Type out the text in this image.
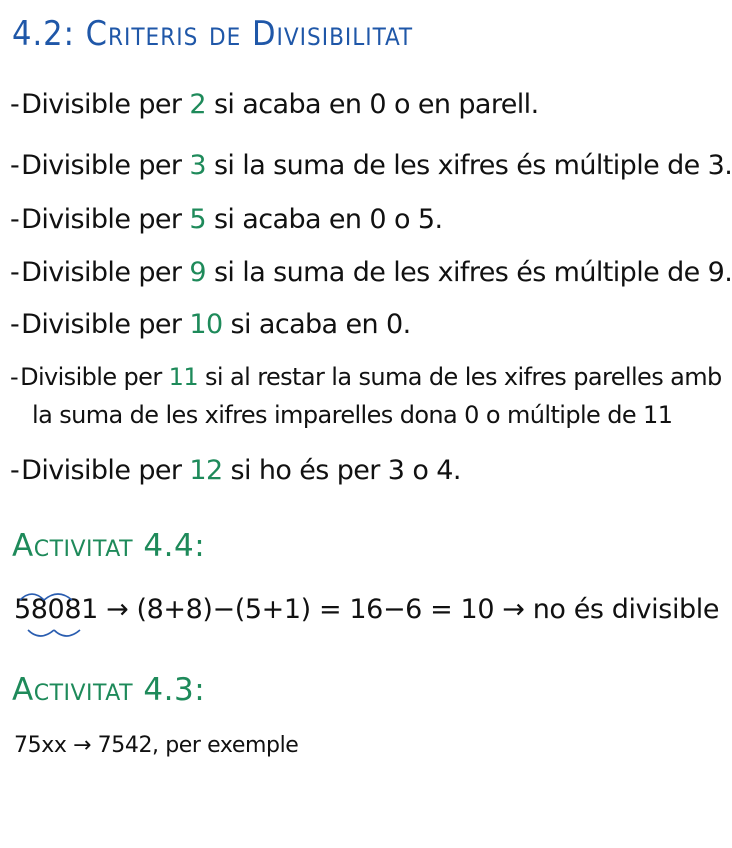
4.2: Criteris de Divisibilitat
-Divisible per 2 si acaba en 0 o en parell.
-Divisible per 3 si la suma de les xifres és múltiple de 3.
-Divisible per 5 si acaba en 0 o 5.
-Divisible per 9 si la suma de les xifres és múltiple de 9.
-Divisible per 10 si acaba en 0.
-Divisible per 11 si al restar la suma de les xifres parelles amb
la suma de les xifres imparelles dona 0 o múltiple de 11
-Divisible per 12 si ho és per 3 o 4.
Activitat 4.4:
58081
→ (8+8)−(5+1) = 16−6 = 10 → no és divisible
Activitat 4.3:
75xx → 7542, per exemple
